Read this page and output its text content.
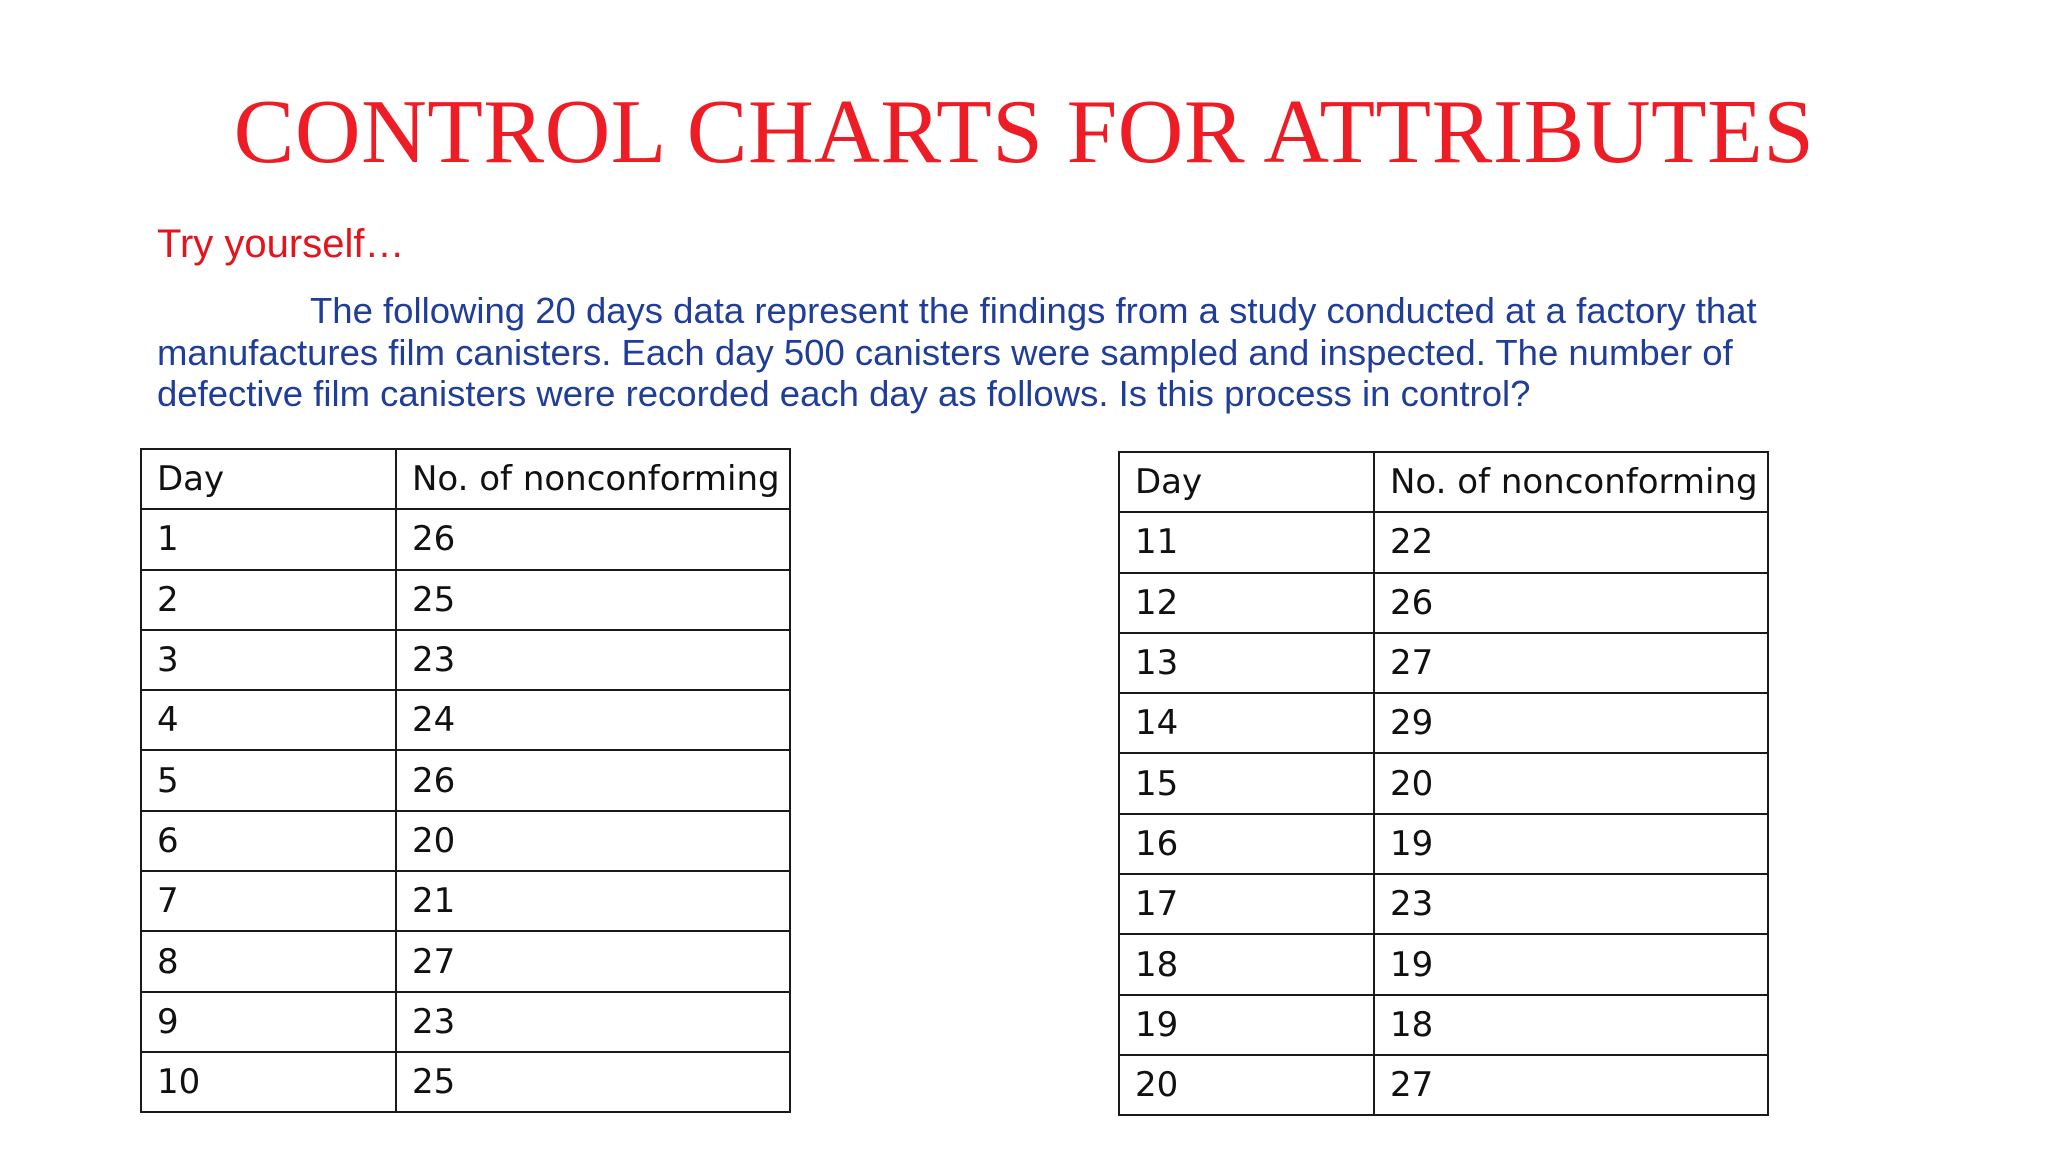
CONTROL CHARTS FOR ATTRIBUTES

Try yourself…

The following 20 days data represent the findings from a study conducted at a factory that
manufactures film canisters. Each day 500 canisters were sampled and inspected. The number of
defective film canisters were recorded each day as follows. Is this process in control?

Day	No. of nonconforming
1	26
2	25
3	23
4	24
5	26
6	20
7	21
8	27
9	23
10	25
Day	No. of nonconforming
11	22
12	26
13	27
14	29
15	20
16	19
17	23
18	19
19	18
20	27
